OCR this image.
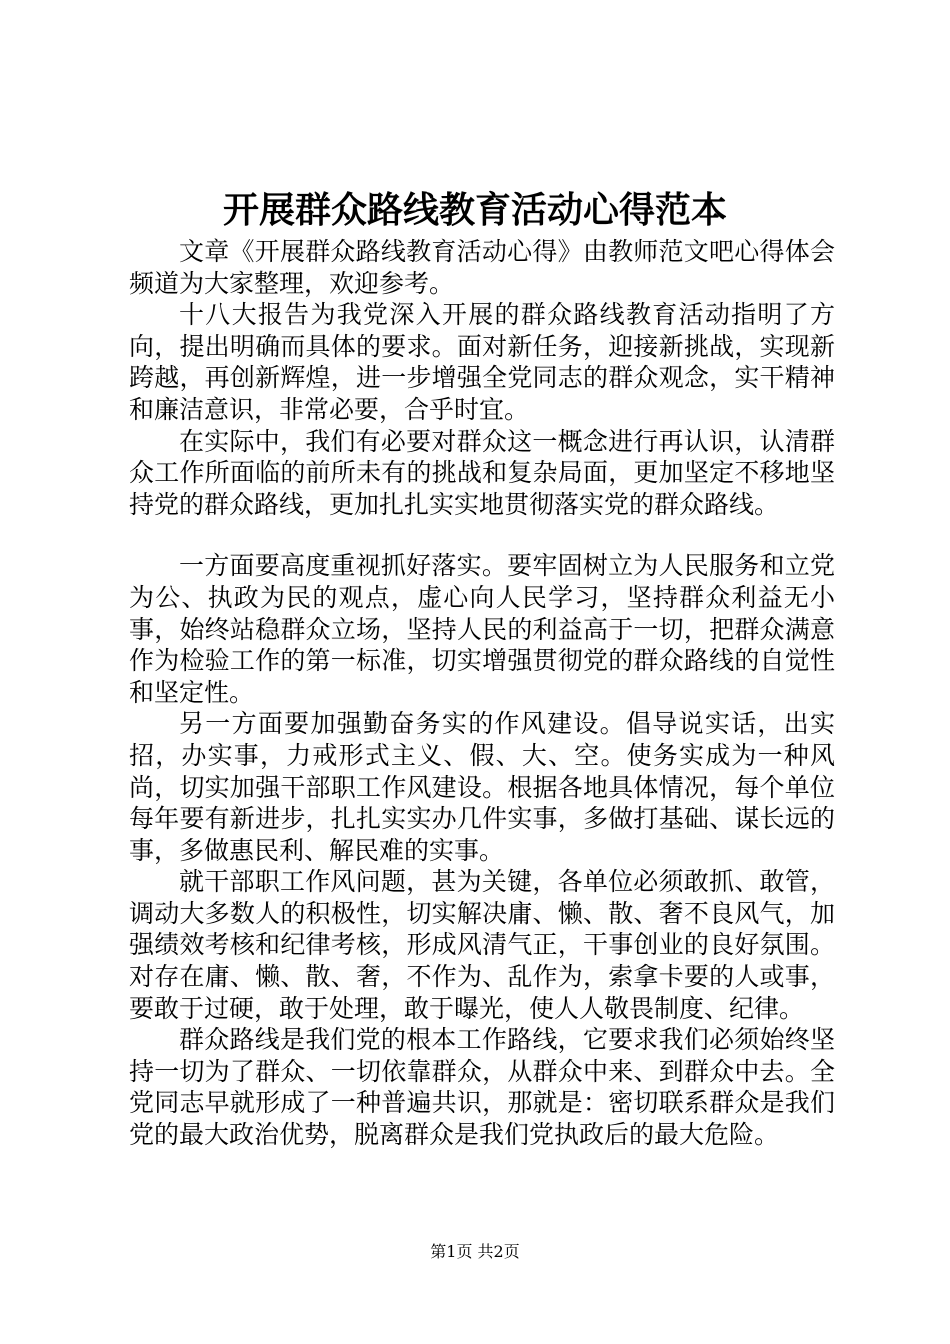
开展群众路线教育活动心得范本

文章《开展群众路线教育活动心得》由教师范文吧心得体会频道为大家整理，欢迎参考。

十八大报告为我党深入开展的群众路线教育活动指明了方向，提出明确而具体的要求。面对新任务，迎接新挑战，实现新跨越，再创新辉煌，进一步增强全党同志的群众观念，实干精神和廉洁意识，非常必要，合乎时宜。

在实际中，我们有必要对群众这一概念进行再认识，认清群众工作所面临的前所未有的挑战和复杂局面，更加坚定不移地坚持党的群众路线，更加扎扎实实地贯彻落实党的群众路线。

一方面要高度重视抓好落实。要牢固树立为人民服务和立党为公、执政为民的观点，虚心向人民学习，坚持群众利益无小事，始终站稳群众立场，坚持人民的利益高于一切，把群众满意作为检验工作的第一标准，切实增强贯彻党的群众路线的自觉性和坚定性。

另一方面要加强勤奋务实的作风建设。倡导说实话，出实招，办实事，力戒形式主义、假、大、空。使务实成为一种风尚，切实加强干部职工作风建设。根据各地具体情况，每个单位每年要有新进步，扎扎实实办几件实事，多做打基础、谋长远的事，多做惠民利、解民难的实事。

就干部职工作风问题，甚为关键，各单位必须敢抓、敢管，调动大多数人的积极性，切实解决庸、懒、散、奢不良风气，加强绩效考核和纪律考核，形成风清气正，干事创业的良好氛围。对存在庸、懒、散、奢，不作为、乱作为，索拿卡要的人或事，要敢于过硬，敢于处理，敢于曝光，使人人敬畏制度、纪律。

群众路线是我们党的根本工作路线，它要求我们必须始终坚持一切为了群众、一切依靠群众，从群众中来、到群众中去。全党同志早就形成了一种普遍共识，那就是：密切联系群众是我们党的最大政治优势，脱离群众是我们党执政后的最大危险。

第1页 共2页
